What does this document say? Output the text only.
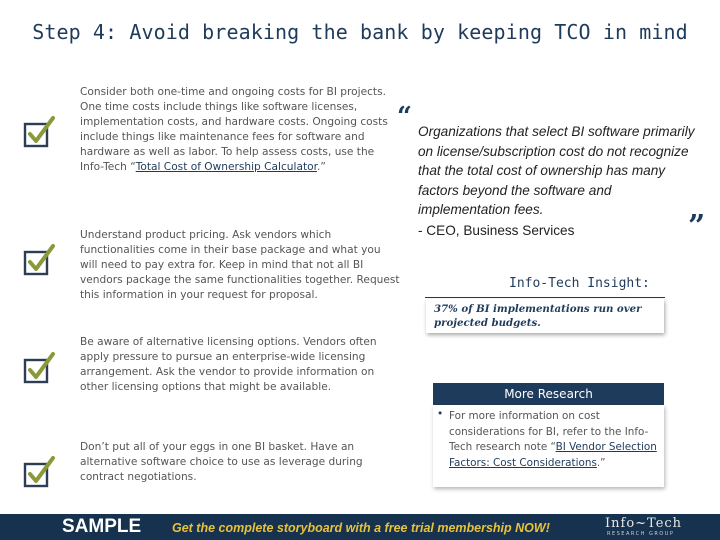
Step 4: Avoid breaking the bank by keeping TCO in mind
Consider both one-time and ongoing costs for BI projects. One time costs include things like software licenses, implementation costs, and hardware costs. Ongoing costs include things like maintenance fees for software and hardware as well as labor. To help assess costs, use the Info-Tech “Total Cost of Ownership Calculator.”
Understand product pricing. Ask vendors which functionalities come in their base package and what you will need to pay extra for. Keep in mind that not all BI vendors package the same functionalities together. Request this information in your request for proposal.
Be aware of alternative licensing options. Vendors often apply pressure to pursue an enterprise-wide licensing arrangement. Ask the vendor to provide information on other licensing options that might be available.
Don’t put all of your eggs in one BI basket. Have an alternative software choice to use as leverage during contract negotiations.
“ Organizations that select BI software primarily on license/subscription cost do not recognize that the total cost of ownership has many factors beyond the software and implementation fees.
- CEO, Business Services	”
Info-Tech Insight:
37% of BI implementations run over projected budgets.
More Research
• For more information on cost considerations for BI, refer to the Info-Tech research note “BI Vendor Selection Factors: Cost Considerations.”
SAMPLE Get the complete storyboard with a free trial membership NOW!	Info~Tech
RESEARCH GROUP
